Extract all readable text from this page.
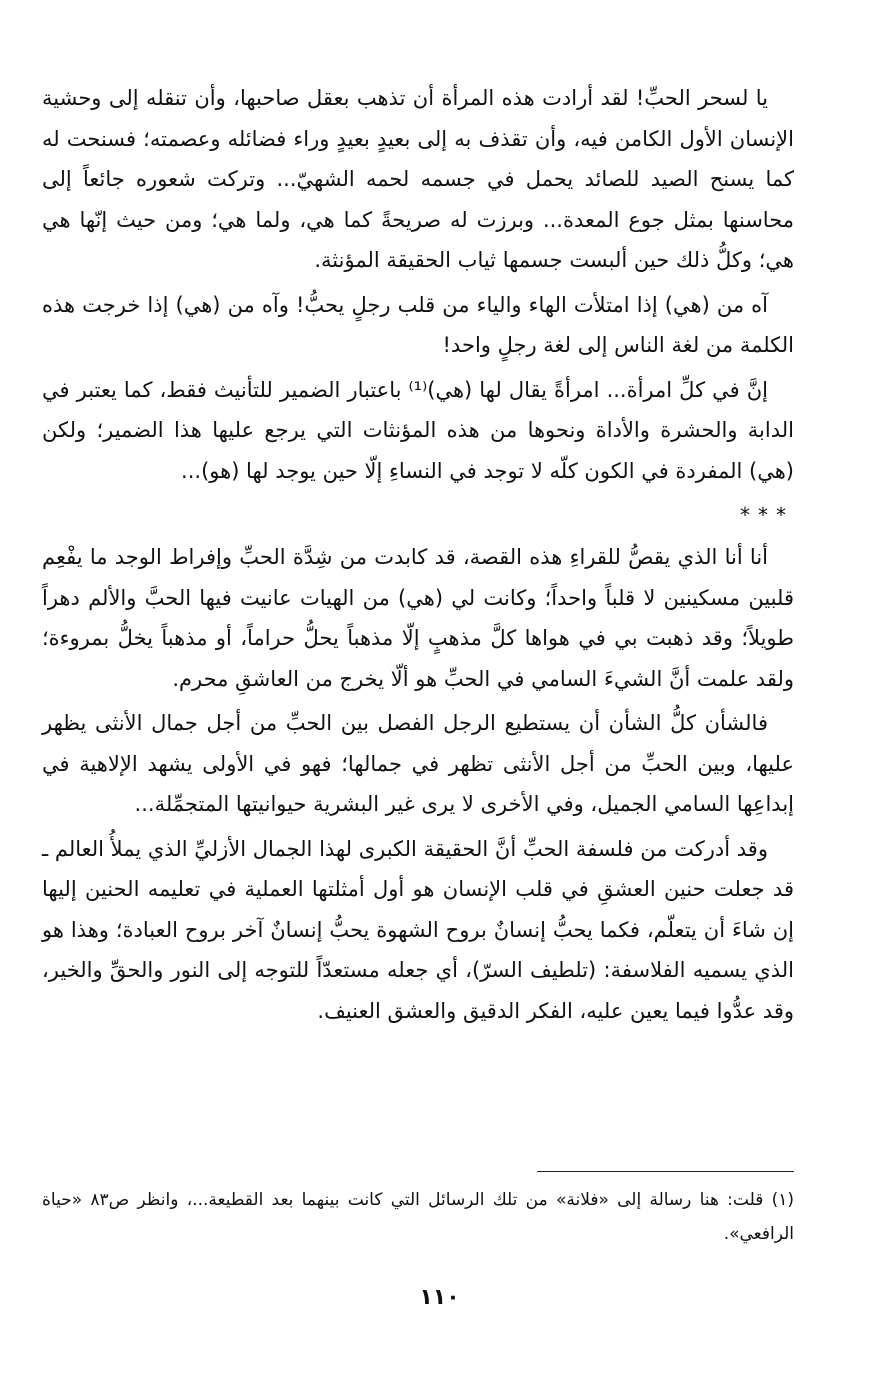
يا لسحر الحبِّ! لقد أرادت هذه المرأة أن تذهب بعقل صاحبها، وأن تنقله إلى وحشية الإنسان الأول الكامن فيه، وأن تقذف به إلى بعيدٍ بعيدٍ وراء فضائله وعصمته؛ فسنحت له كما يسنح الصيد للصائد يحمل في جسمه لحمه الشهيّ... وتركت شعوره جائعاً إلى محاسنها بمثل جوع المعدة... وبرزت له صريحةً كما هي، ولما هي؛ ومن حيث إنّها هي هي؛ وكلُّ ذلك حين ألبست جسمها ثياب الحقيقة المؤنثة.

آه من (هي) إذا امتلأت الهاء والياء من قلب رجلٍ يحبُّ! وآه من (هي) إذا خرجت هذه الكلمة من لغة الناس إلى لغة رجلٍ واحد!

إنَّ في كلِّ امرأة... امرأةً يقال لها (هي)⁽¹⁾ باعتبار الضمير للتأنيث فقط، كما يعتبر في الدابة والحشرة والأداة ونحوها من هذه المؤنثات التي يرجع عليها هذا الضمير؛ ولكن (هي) المفردة في الكون كلّه لا توجد في النساءِ إلّا حين يوجد لها (هو)...

***

أنا أنا الذي يقصُّ للقراءِ هذه القصة، قد كابدت من شِدَّة الحبِّ وإفراط الوجد ما يفْعِم قلبين مسكينين لا قلباً واحداً؛ وكانت لي (هي) من الهيات عانيت فيها الحبَّ والألم دهراً طويلاً؛ وقد ذهبت بي في هواها كلَّ مذهبٍ إلّا مذهباً يحلُّ حراماً، أو مذهباً يخلُّ بمروءة؛ ولقد علمت أنَّ الشيءَ السامي في الحبِّ هو ألّا يخرج من العاشقِ محرم.

فالشأن كلُّ الشأن أن يستطيع الرجل الفصل بين الحبِّ من أجل جمال الأنثى يظهر عليها، وبين الحبِّ من أجل الأنثى تظهر في جمالها؛ فهو في الأولى يشهد الإلاهية في إبداعِها السامي الجميل، وفي الأخرى لا يرى غير البشرية حيوانيتها المتجمِّلة...

وقد أدركت من فلسفة الحبِّ أنَّ الحقيقة الكبرى لهذا الجمال الأزليِّ الذي يملأُ العالم ـ قد جعلت حنين العشقِ في قلب الإنسان هو أول أمثلتها العملية في تعليمه الحنين إليها إن شاءَ أن يتعلّم، فكما يحبُّ إنسانٌ بروح الشهوة يحبُّ إنسانٌ آخر بروح العبادة؛ وهذا هو الذي يسميه الفلاسفة: (تلطيف السرّ)، أي جعله مستعدّاً للتوجه إلى النور والحقِّ والخير، وقد عدُّوا فيما يعين عليه، الفكر الدقيق والعشق العنيف.

(١) قلت: هنا رسالة إلى «فلانة» من تلك الرسائل التي كانت بينهما بعد القطيعة...، وانظر ص٨٣ «حياة الرافعي».
١١٠
